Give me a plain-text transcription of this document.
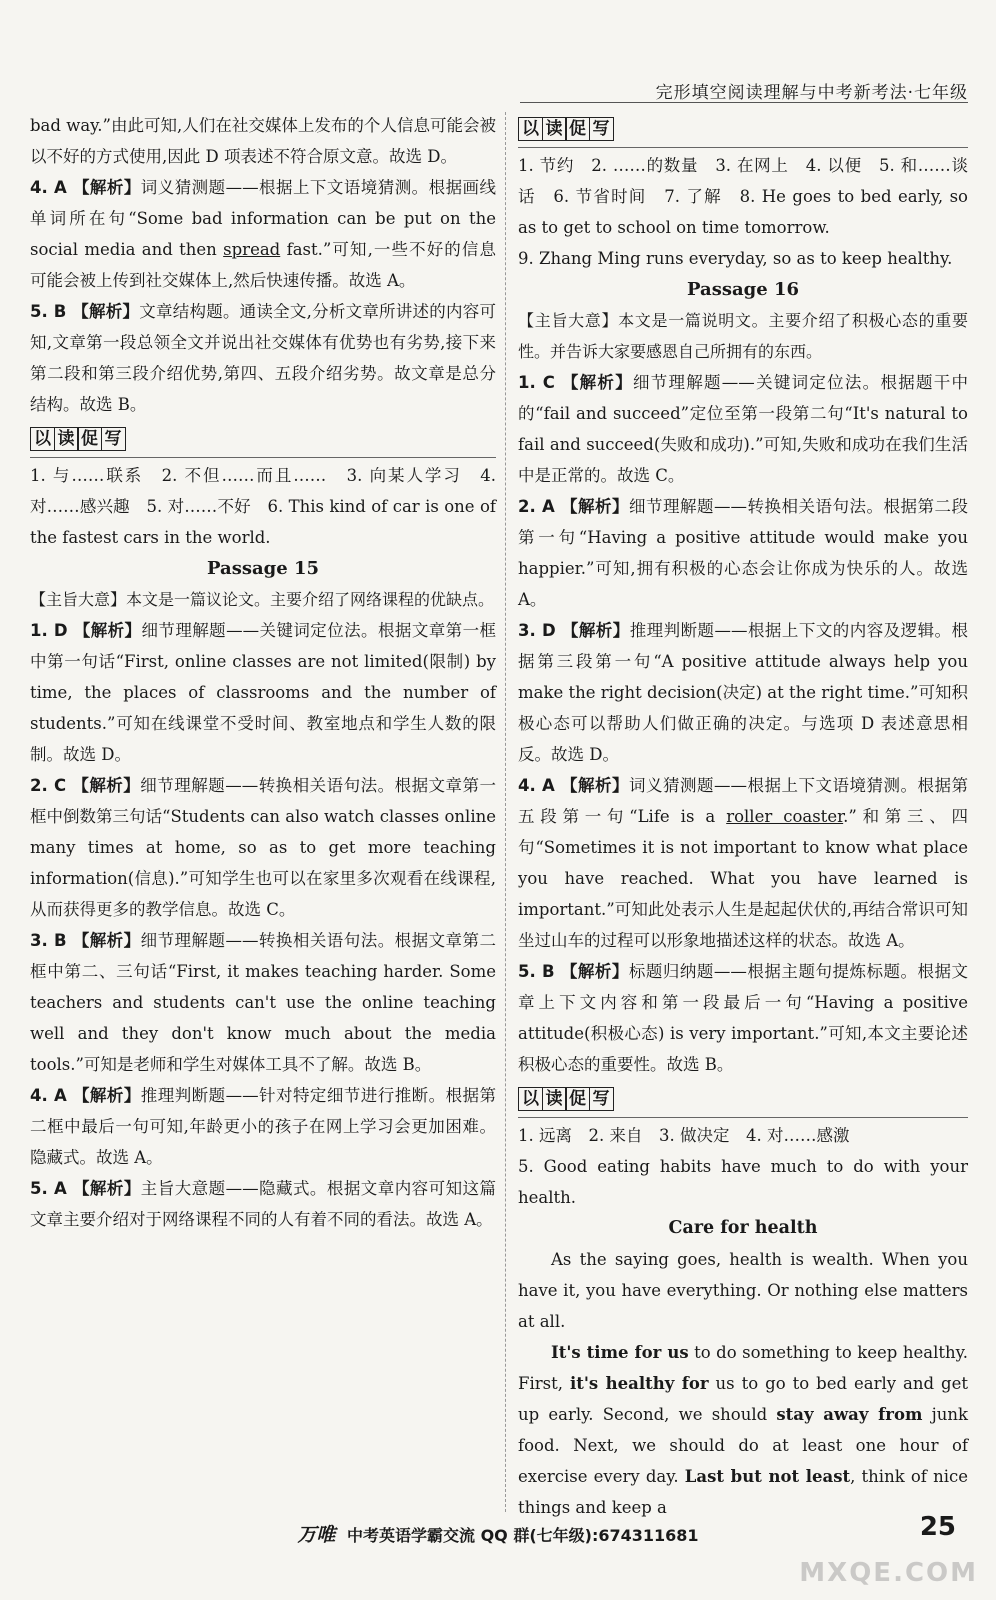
完形填空阅读理解与中考新考法·七年级

bad way.”由此可知,人们在社交媒体上发布的个人信息可能会被以不好的方式使用,因此 D 项表述不符合原文意。故选 D。

4. A 【解析】词义猜测题——根据上下文语境猜测。根据画线单词所在句“Some bad information can be put on the social media and then spread fast.”可知,一些不好的信息可能会被上传到社交媒体上,然后快速传播。故选 A。

5. B 【解析】文章结构题。通读全文,分析文章所讲述的内容可知,文章第一段总领全文并说出社交媒体有优势也有劣势,接下来第二段和第三段介绍优势,第四、五段介绍劣势。故文章是总分结构。故选 B。

以 读 促 写

1. 与……联系　2. 不但……而且……　3. 向某人学习　4. 对……感兴趣　5. 对……不好　6. This kind of car is one of the fastest cars in the world.

Passage 15

【主旨大意】本文是一篇议论文。主要介绍了网络课程的优缺点。

1. D 【解析】细节理解题——关键词定位法。根据文章第一框中第一句话“First, online classes are not limited(限制) by time, the places of classrooms and the number of students.”可知在线课堂不受时间、教室地点和学生人数的限制。故选 D。

2. C 【解析】细节理解题——转换相关语句法。根据文章第一框中倒数第三句话“Students can also watch classes online many times at home, so as to get more teaching information(信息).”可知学生也可以在家里多次观看在线课程,从而获得更多的教学信息。故选 C。

3. B 【解析】细节理解题——转换相关语句法。根据文章第二框中第二、三句话“First, it makes teaching harder. Some teachers and students can't use the online teaching well and they don't know much about the media tools.”可知是老师和学生对媒体工具不了解。故选 B。

4. A 【解析】推理判断题——针对特定细节进行推断。根据第二框中最后一句可知,年龄更小的孩子在网上学习会更加困难。隐藏式。故选 A。

5. A 【解析】主旨大意题——隐藏式。根据文章内容可知这篇文章主要介绍对于网络课程不同的人有着不同的看法。故选 A。

以 读 促 写

1. 节约　2. ……的数量　3. 在网上　4. 以便　5. 和……谈话　6. 节省时间　7. 了解　8. He goes to bed early, so as to get to school on time tomorrow.

9. Zhang Ming runs everyday, so as to keep healthy.

Passage 16

【主旨大意】本文是一篇说明文。主要介绍了积极心态的重要性。并告诉大家要感恩自己所拥有的东西。

1. C 【解析】细节理解题——关键词定位法。根据题干中的“fail and succeed”定位至第一段第二句“It's natural to fail and succeed(失败和成功).”可知,失败和成功在我们生活中是正常的。故选 C。

2. A 【解析】细节理解题——转换相关语句法。根据第二段第一句“Having a positive attitude would make you happier.”可知,拥有积极的心态会让你成为快乐的人。故选 A。

3. D 【解析】推理判断题——根据上下文的内容及逻辑。根据第三段第一句“A positive attitude always help you make the right decision(决定) at the right time.”可知积极心态可以帮助人们做正确的决定。与选项 D 表述意思相反。故选 D。

4. A 【解析】词义猜测题——根据上下文语境猜测。根据第五段第一句“Life is a roller coaster.”和第三、四句“Sometimes it is not important to know what place you have reached. What you have learned is important.”可知此处表示人生是起起伏伏的,再结合常识可知坐过山车的过程可以形象地描述这样的状态。故选 A。

5. B 【解析】标题归纳题——根据主题句提炼标题。根据文章上下文内容和第一段最后一句“Having a positive attitude(积极心态) is very important.”可知,本文主要论述积极心态的重要性。故选 B。

以 读 促 写

1. 远离　2. 来自　3. 做决定　4. 对……感激

5. Good eating habits have much to do with your health.

Care for health

As the saying goes, health is wealth. When you have it, you have everything. Or nothing else matters at all.

It's time for us to do something to keep healthy. First, it's healthy for us to go to bed early and get up early. Second, we should stay away from junk food. Next, we should do at least one hour of exercise every day. Last but not least, think of nice things and keep a

万唯 中考英语学霸交流 QQ 群(七年级):674311681	25
MXQE.COM
